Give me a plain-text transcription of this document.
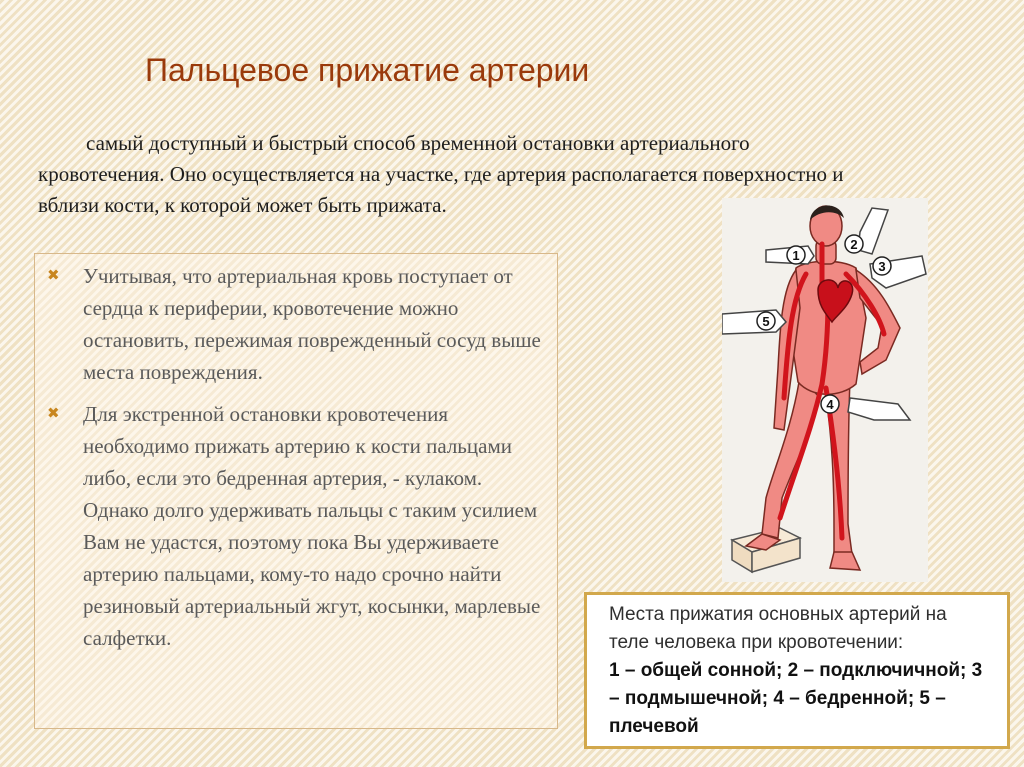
Пальцевое прижатие артерии
самый доступный и быстрый способ временной остановки артериального кровотечения. Оно осуществляется на участке, где артерия располагается поверхностно и вблизи кости, к которой может быть прижата.
✖ Учитывая, что артериальная кровь поступает от сердца к периферии, кровотечение можно остановить, пережимая поврежденный сосуд выше места повреждения.
✖ Для экстренной остановки кровотечения необходимо прижать артерию к кости пальцами либо, если это бедренная артерия, - кулаком. Однако долго удерживать пальцы с таким усилием Вам не удастся, поэтому пока Вы удерживаете артерию пальцами, кому-то надо срочно найти резиновый артериальный жгут, косынки, марлевые салфетки.
1
2
3
4
5
Места прижатия основных артерий на
теле человека при кровотечении:
1 – общей сонной; 2 – подключичной; 3 – подмышечной; 4 – бедренной; 5 – плечевой
